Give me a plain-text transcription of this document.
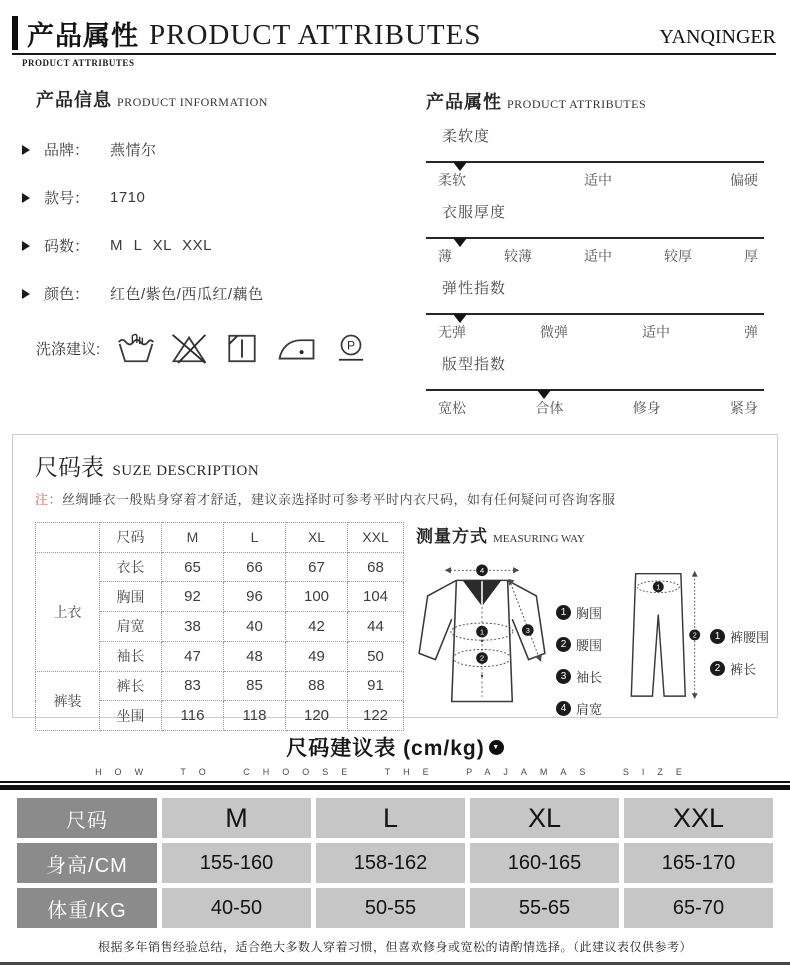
产品属性 PRODUCT ATTRIBUTES	YANQINGER
PRODUCT ATTRIBUTES
产品信息 PRODUCT INFORMATION
品牌：	燕情尔
款号：	1710
码数：	M L XL XXL
颜色：	红色/紫色/西瓜红/藕色
洗涤建议:	P
产品属性 PRODUCT ATTRIBUTES
柔软度
柔软	适中	偏硬
衣服厚度
薄	较薄	适中	较厚	厚
弹性指数
无弹	微弹	适中	弹
版型指数
宽松	合体	修身	紧身
尺码表 SUZE DESCRIPTION
注：丝绸睡衣一般贴身穿着才舒适，建议亲选择时可参考平时内衣尺码，如有任何疑问可咨询客服
	尺码	M	L	XL	XXL
上衣	衣长	65	66	67	68
	胸围	92	96	100	104
	肩宽	38	40	42	44
	袖长	47	48	49	50
裤装	裤长	83	85	88	91
	坐围	116	118	120	122
测量方式 MEASURING WAY
4
1
2
3
1 胸围
2 腰围
3 袖长
4 肩宽
1
2	1 裤腰围
2 裤长
尺码建议表 (cm/kg)	▼
HOW TO CHOOSE THE PAJAMAS SIZE
尺码	M	L	XL	XXL
身高/CM	155-160	158-162	160-165	165-170
体重/KG	40-50	50-55	55-65	65-70
根据多年销售经验总结，适合绝大多数人穿着习惯，但喜欢修身或宽松的请酌情选择。（此建议表仅供参考）
